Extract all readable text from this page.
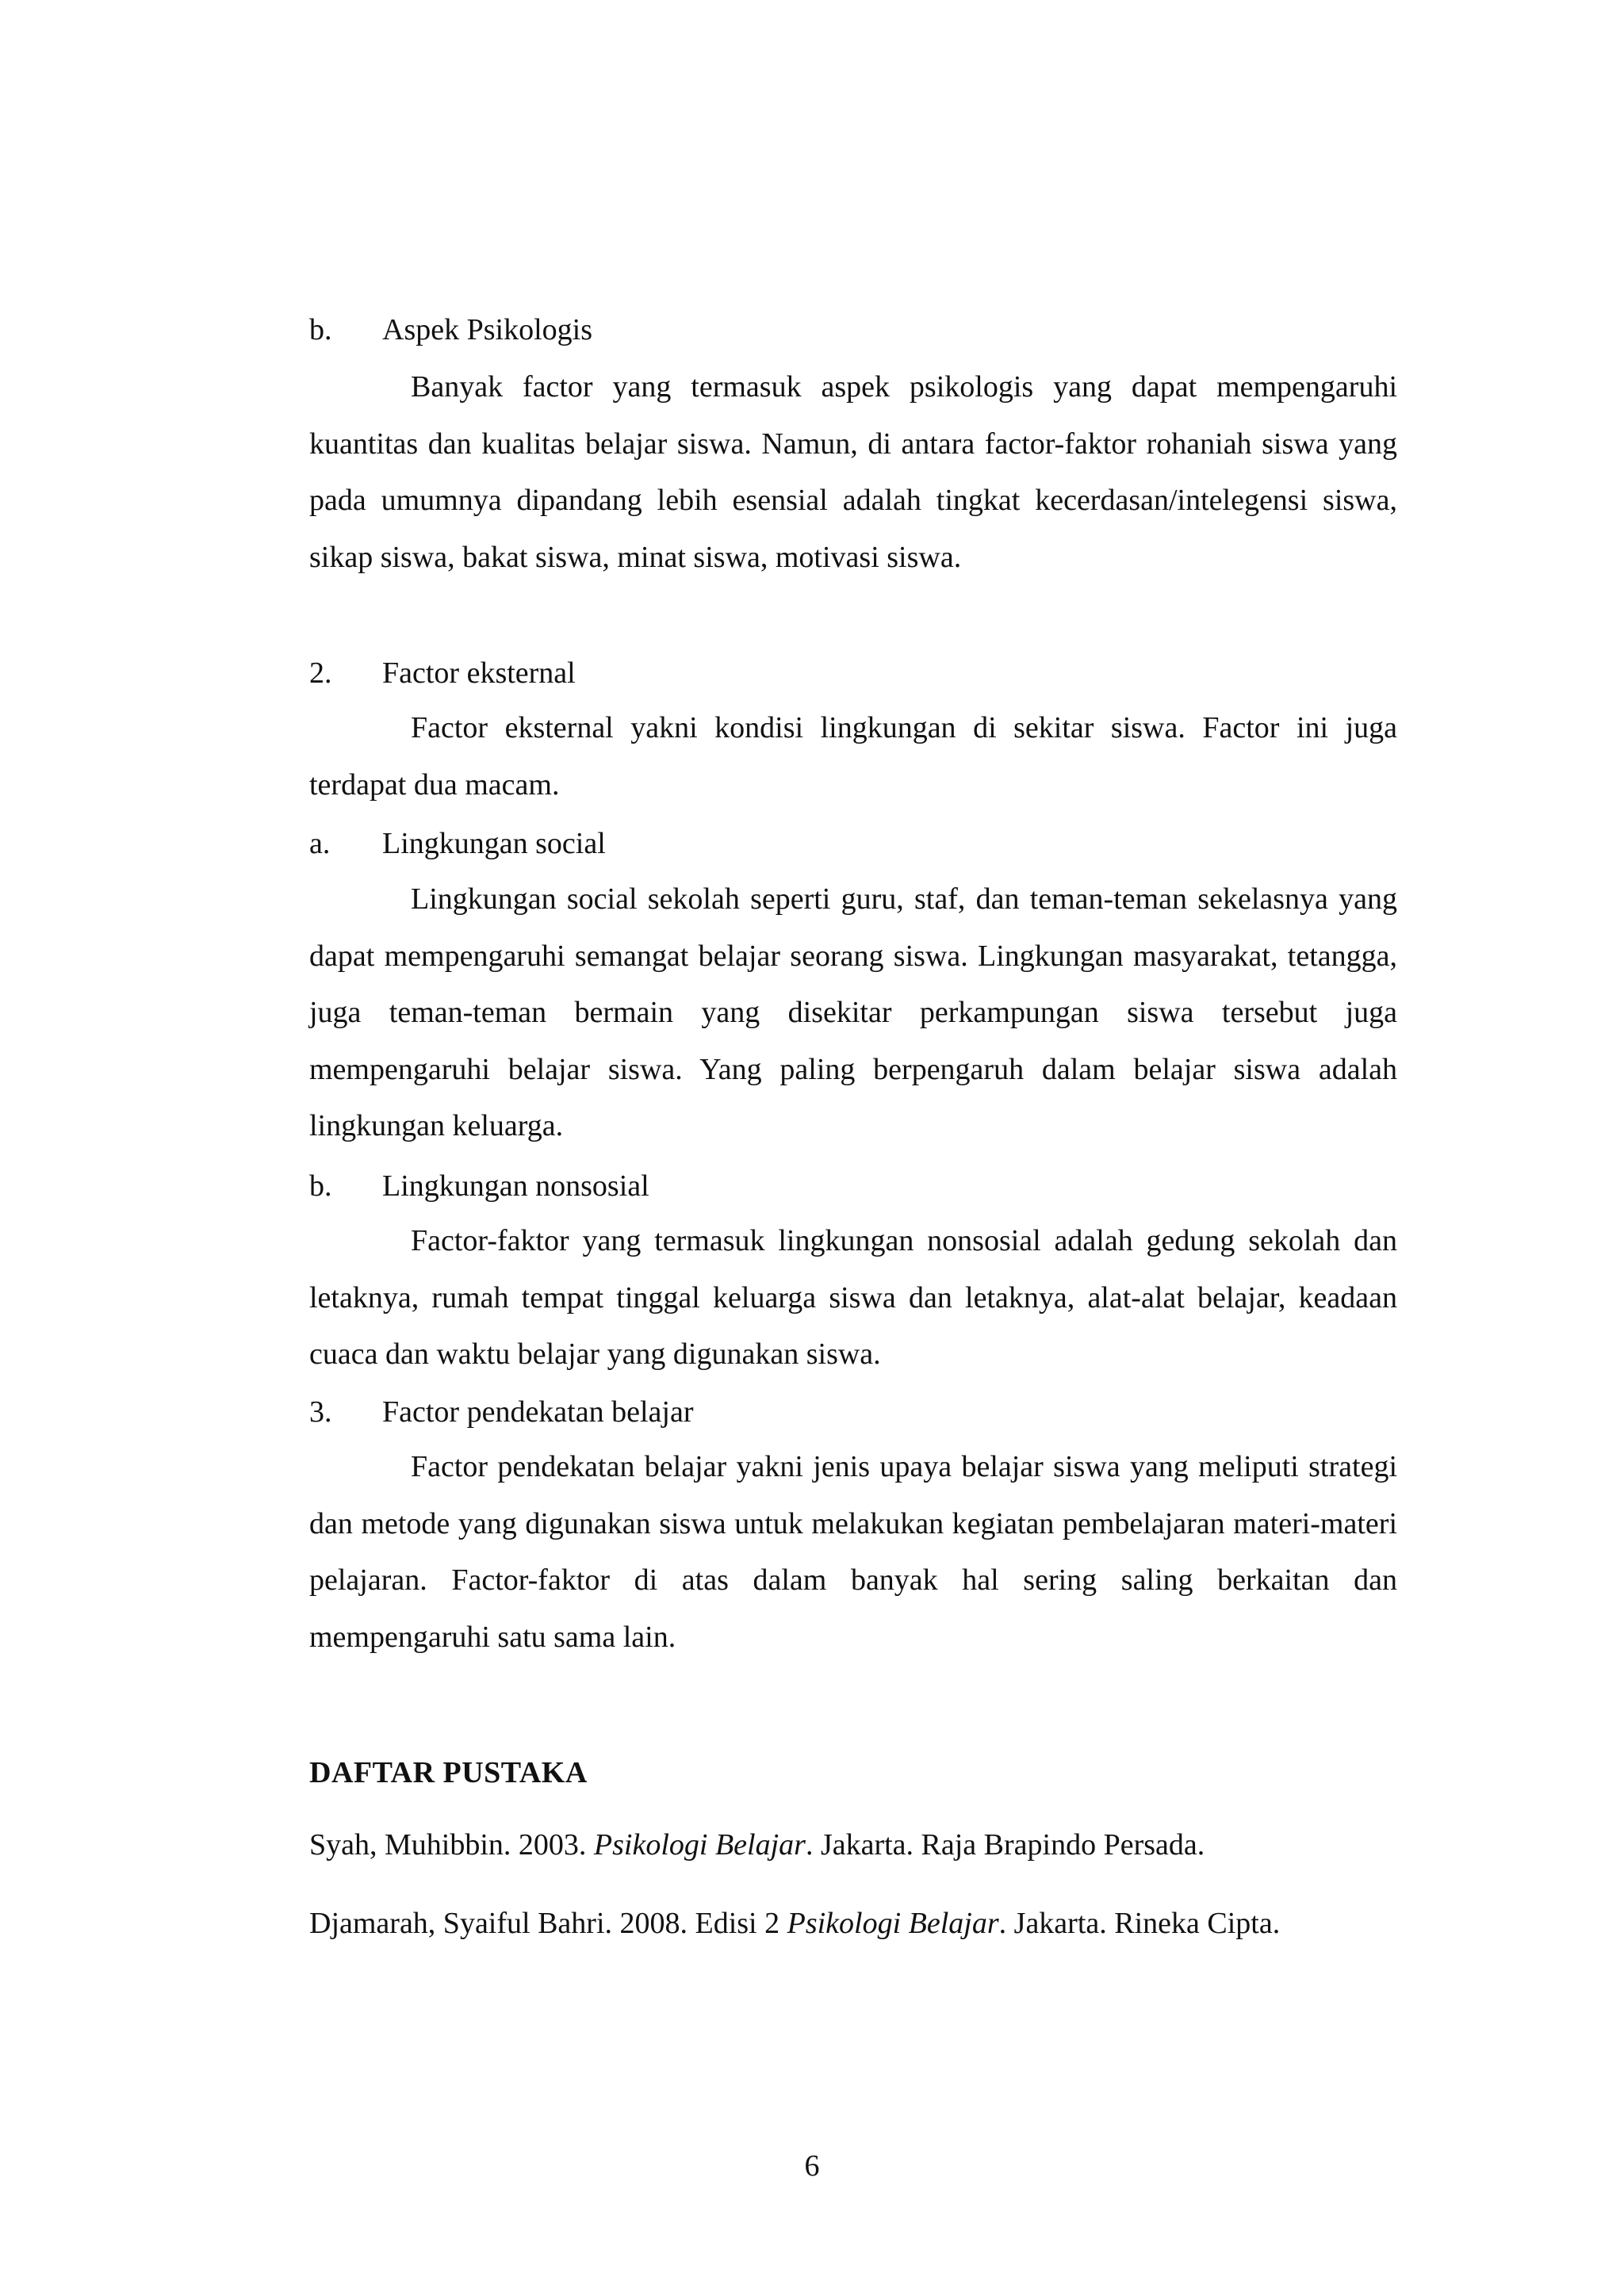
b. Aspek Psikologis

Banyak factor yang termasuk aspek psikologis yang dapat mempengaruhi kuantitas dan kualitas belajar siswa. Namun, di antara factor-faktor rohaniah siswa yang pada umumnya dipandang lebih esensial adalah tingkat kecerdasan/intelegensi siswa, sikap siswa, bakat siswa, minat siswa, motivasi siswa.

2. Factor eksternal

Factor eksternal yakni kondisi lingkungan di sekitar siswa. Factor ini juga terdapat dua macam.

a. Lingkungan social

Lingkungan social sekolah seperti guru, staf, dan teman-teman sekelasnya yang dapat mempengaruhi semangat belajar seorang siswa. Lingkungan masyarakat, tetangga, juga teman-teman bermain yang disekitar perkampungan siswa tersebut juga mempengaruhi belajar siswa. Yang paling berpengaruh dalam belajar siswa adalah lingkungan keluarga.

b. Lingkungan nonsosial

Factor-faktor yang termasuk lingkungan nonsosial adalah gedung sekolah dan letaknya, rumah tempat tinggal keluarga siswa dan letaknya, alat-alat belajar, keadaan cuaca dan waktu belajar yang digunakan siswa.

3. Factor pendekatan belajar

Factor pendekatan belajar yakni jenis upaya belajar siswa yang meliputi strategi dan metode yang digunakan siswa untuk melakukan kegiatan pembelajaran materi-materi pelajaran. Factor-faktor di atas dalam banyak hal sering saling berkaitan dan mempengaruhi satu sama lain.

DAFTAR PUSTAKA
Syah, Muhibbin. 2003. Psikologi Belajar. Jakarta. Raja Brapindo Persada.
Djamarah, Syaiful Bahri. 2008. Edisi 2 Psikologi Belajar. Jakarta. Rineka Cipta.
6
